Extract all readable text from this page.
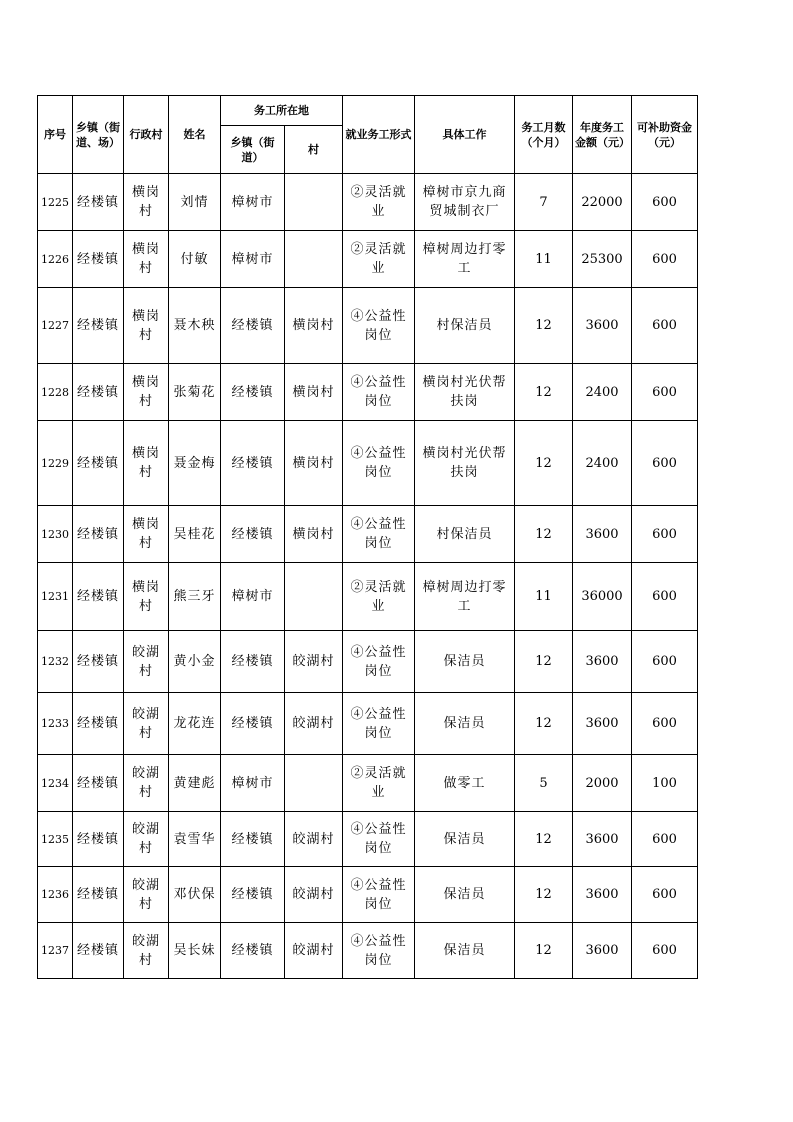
序号	乡镇（街道、场）	行政村	姓名	务工所在地		就业务工形式	具体工作	务工月数（个月）	年度务工金额（元）	可补助资金（元）
				乡镇（街道）	村					
1225	经楼镇	横岗村	刘情	樟树市		②灵活就业	樟树市京九商贸城制衣厂	7	22000	600
1226	经楼镇	横岗村	付敏	樟树市		②灵活就业	樟树周边打零工	11	25300	600
1227	经楼镇	横岗村	聂木秧	经楼镇	横岗村	④公益性岗位	村保洁员	12	3600	600
1228	经楼镇	横岗村	张菊花	经楼镇	横岗村	④公益性岗位	横岗村光伏帮扶岗	12	2400	600
1229	经楼镇	横岗村	聂金梅	经楼镇	横岗村	④公益性岗位	横岗村光伏帮扶岗	12	2400	600
1230	经楼镇	横岗村	吴桂花	经楼镇	横岗村	④公益性岗位	村保洁员	12	3600	600
1231	经楼镇	横岗村	熊三牙	樟树市		②灵活就业	樟树周边打零工	11	36000	600
1232	经楼镇	皎湖村	黄小金	经楼镇	皎湖村	④公益性岗位	保洁员	12	3600	600
1233	经楼镇	皎湖村	龙花连	经楼镇	皎湖村	④公益性岗位	保洁员	12	3600	600
1234	经楼镇	皎湖村	黄建彪	樟树市		②灵活就业	做零工	5	2000	100
1235	经楼镇	皎湖村	袁雪华	经楼镇	皎湖村	④公益性岗位	保洁员	12	3600	600
1236	经楼镇	皎湖村	邓伏保	经楼镇	皎湖村	④公益性岗位	保洁员	12	3600	600
1237	经楼镇	皎湖村	吴长妹	经楼镇	皎湖村	④公益性岗位	保洁员	12	3600	600
